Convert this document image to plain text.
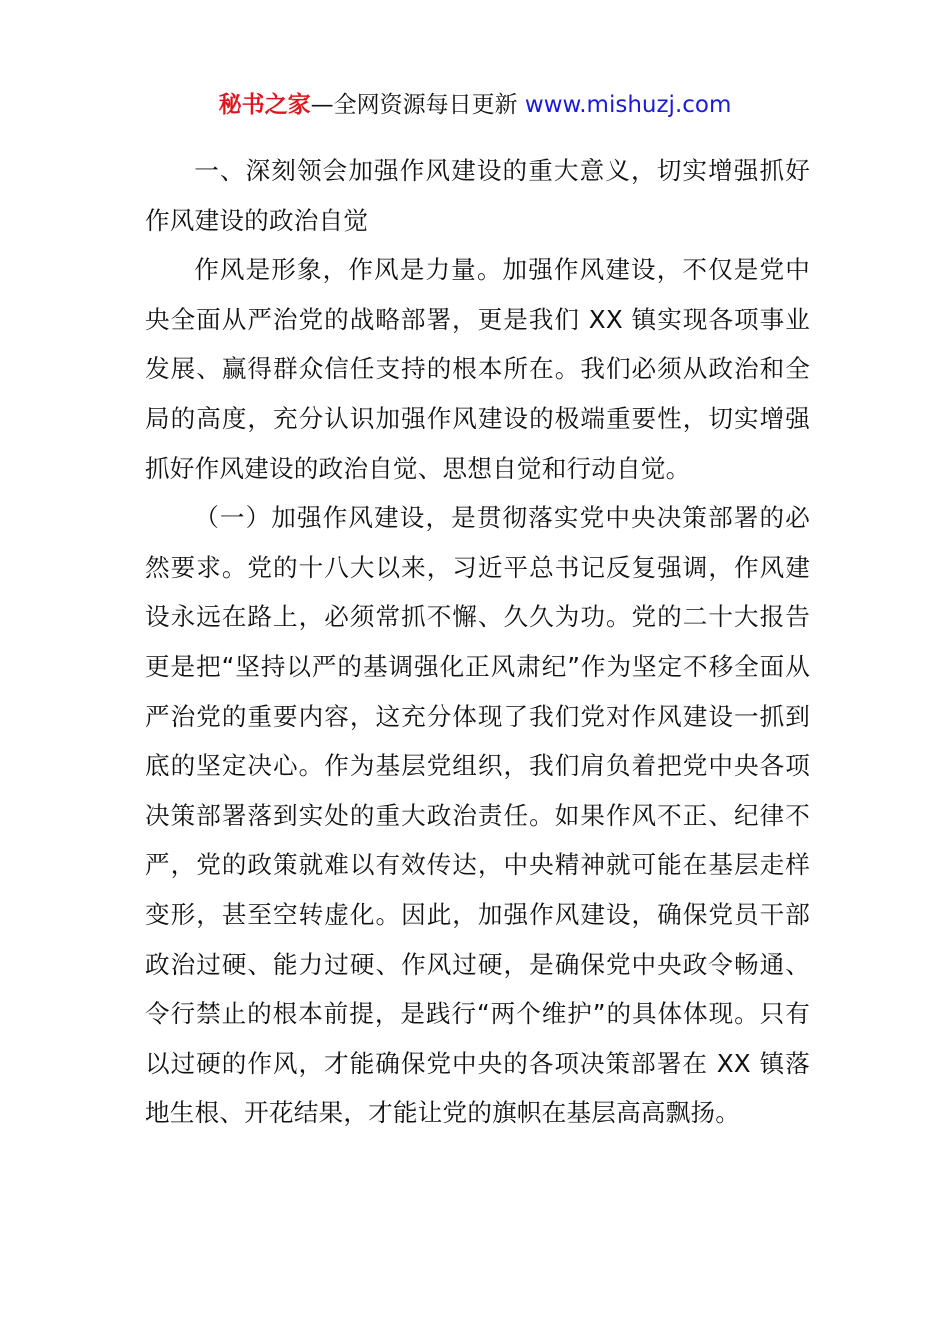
秘书之家—全网资源每日更新 www.mishuzj.com

一、深刻领会加强作风建设的重大意义，切实增强抓好作风建设的政治自觉

作风是形象，作风是力量。加强作风建设，不仅是党中央全面从严治党的战略部署，更是我们 XX 镇实现各项事业发展、赢得群众信任支持的根本所在。我们必须从政治和全局的高度，充分认识加强作风建设的极端重要性，切实增强抓好作风建设的政治自觉、思想自觉和行动自觉。

（一）加强作风建设，是贯彻落实党中央决策部署的必然要求。党的十八大以来，习近平总书记反复强调，作风建设永远在路上，必须常抓不懈、久久为功。党的二十大报告更是把“坚持以严的基调强化正风肃纪”作为坚定不移全面从严治党的重要内容，这充分体现了我们党对作风建设一抓到底的坚定决心。作为基层党组织，我们肩负着把党中央各项决策部署落到实处的重大政治责任。如果作风不正、纪律不严，党的政策就难以有效传达，中央精神就可能在基层走样变形，甚至空转虚化。因此，加强作风建设，确保党员干部政治过硬、能力过硬、作风过硬，是确保党中央政令畅通、令行禁止的根本前提，是践行“两个维护”的具体体现。只有以过硬的作风，才能确保党中央的各项决策部署在 XX 镇落地生根、开花结果，才能让党的旗帜在基层高高飘扬。
